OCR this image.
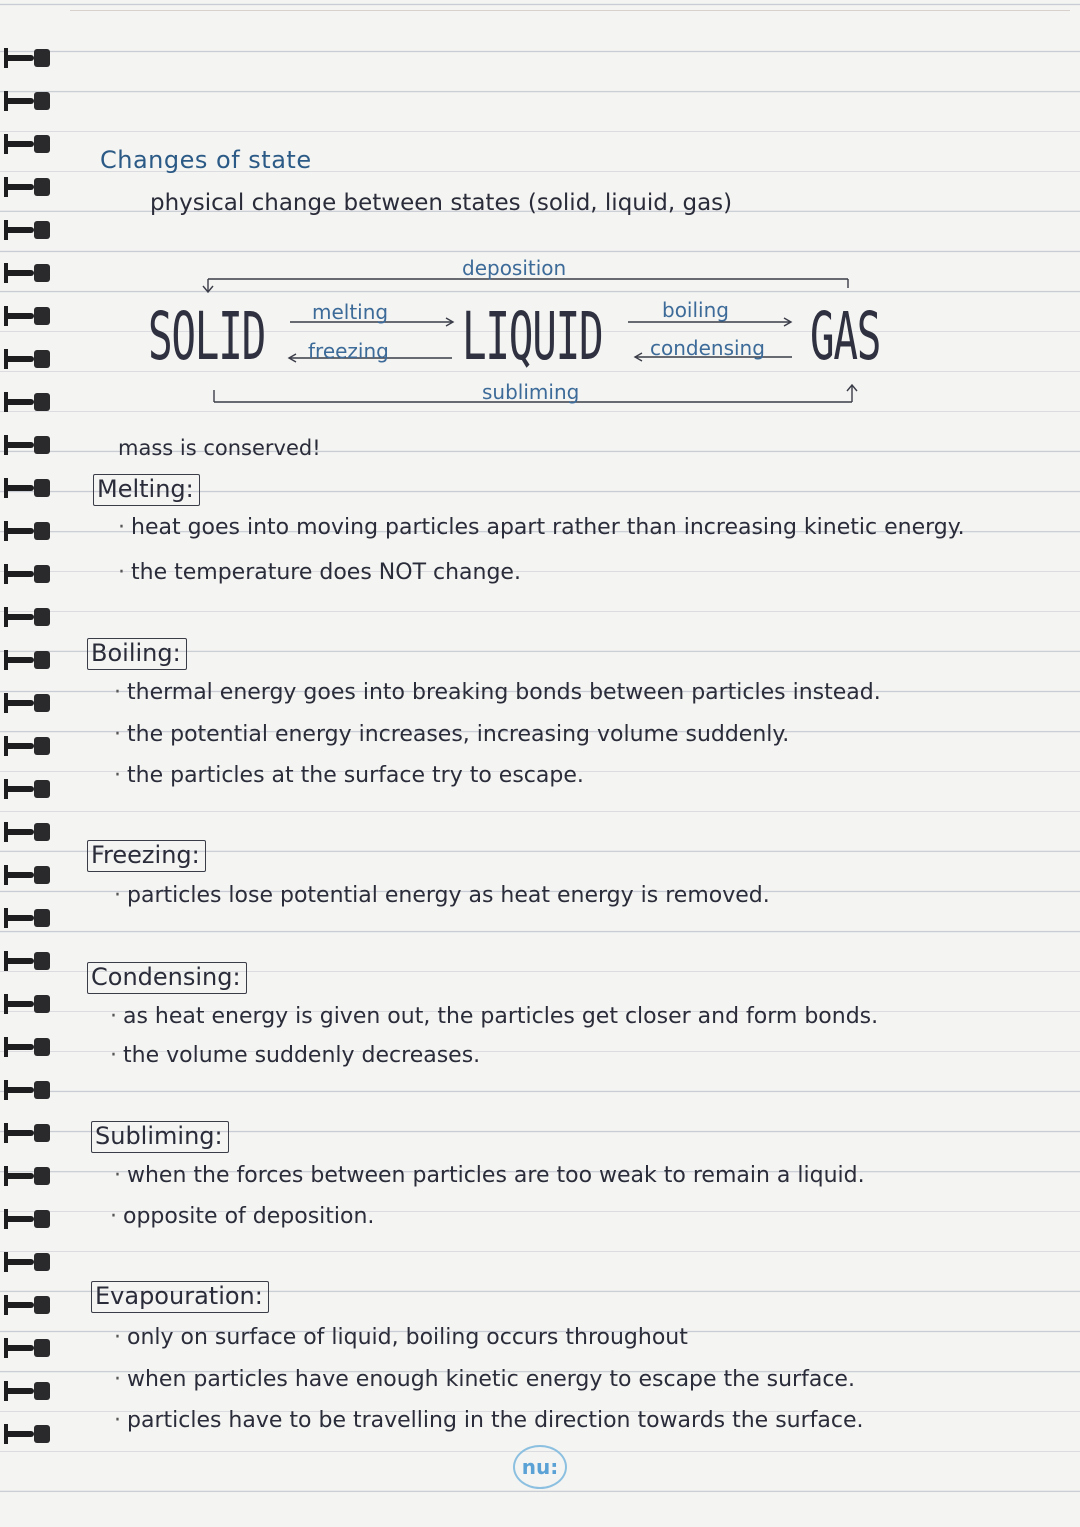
Changes of state
physical change between states (solid, liquid, gas)
SOLID	LIQUID	GAS
deposition
melting
freezing
boiling
condensing
subliming
mass is conserved!
Melting:
· heat goes into moving particles apart rather than increasing kinetic energy.
· the temperature does NOT change.
Boiling:
· thermal energy goes into breaking bonds between particles instead.
· the potential energy increases, increasing volume suddenly.
· the particles at the surface try to escape.
Freezing:
· particles lose potential energy as heat energy is removed.
Condensing:
· as heat energy is given out, the particles get closer and form bonds.
· the volume suddenly decreases.
Subliming:
· when the forces between particles are too weak to remain a liquid.
· opposite of deposition.
Evapouration:
· only on surface of liquid, boiling occurs throughout
· when particles have enough kinetic energy to escape the surface.
· particles have to be travelling in the direction towards the surface.
nu:
